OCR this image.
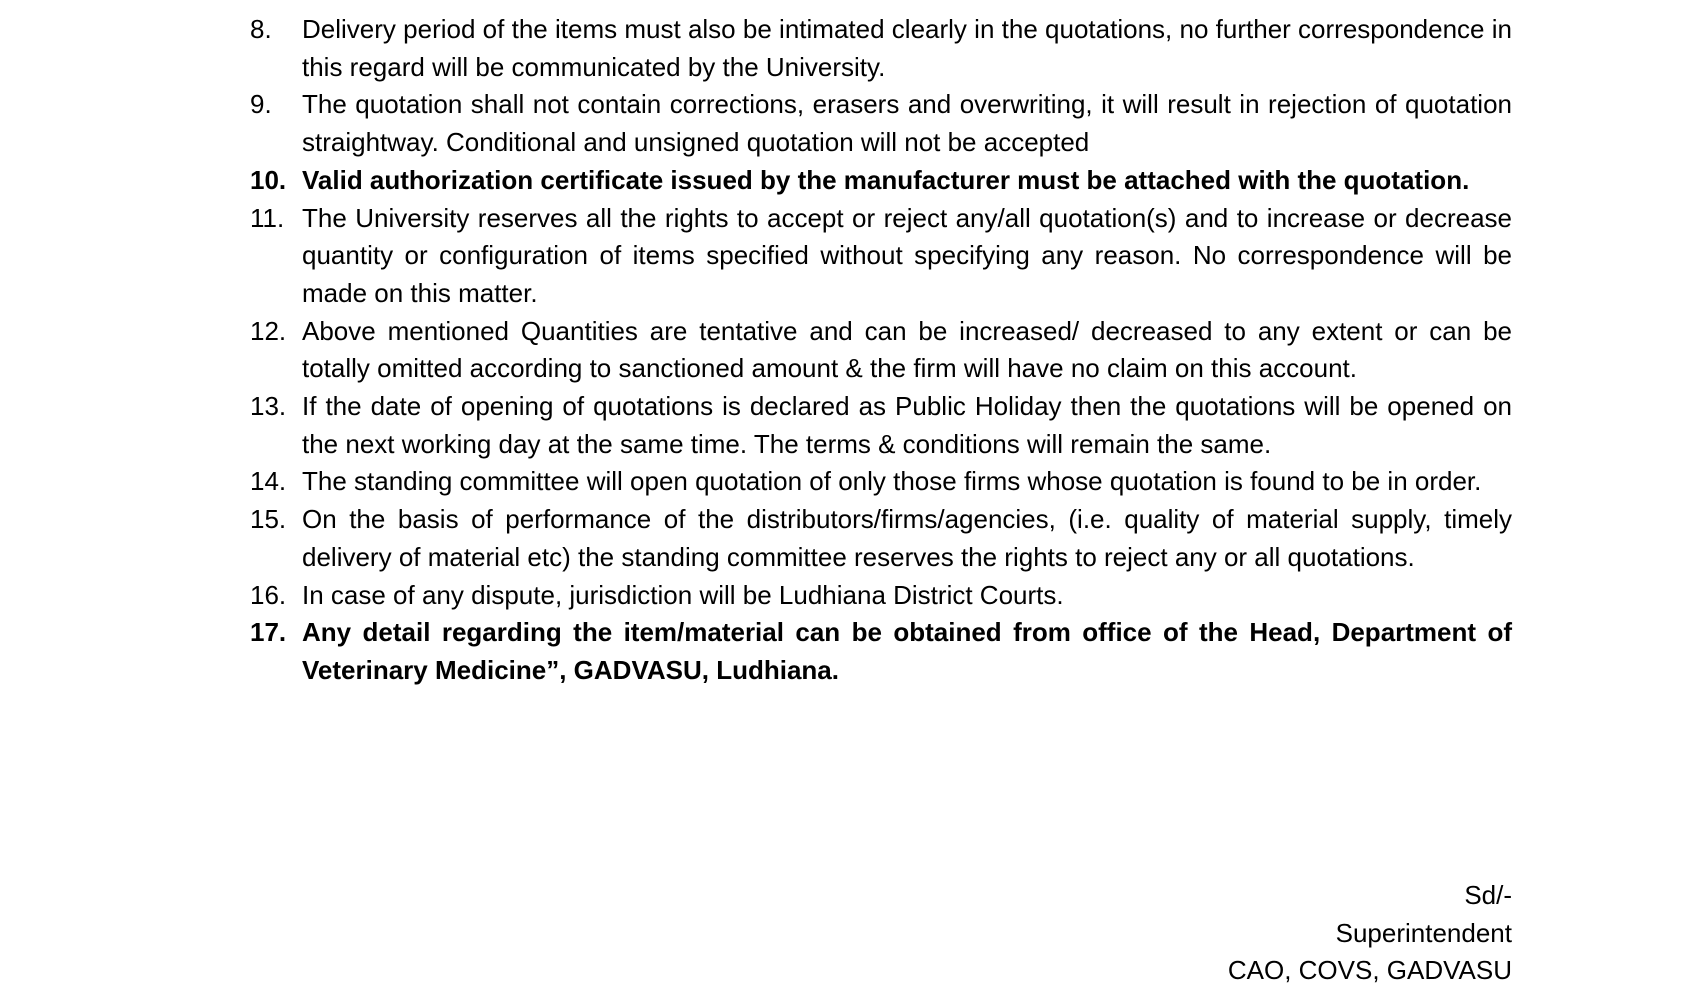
8.	Delivery period of the items must also be intimated clearly in the quotations, no further correspondence in this regard will be communicated by the University.
9.	The quotation shall not contain corrections, erasers and overwriting, it will result in rejection of quotation straightway. Conditional and unsigned quotation will not be accepted
10. Valid authorization certificate issued by the manufacturer must be attached with the quotation.
11. The University reserves all the rights to accept or reject any/all quotation(s) and to increase or decrease quantity or configuration of items specified without specifying any reason. No correspondence will be made on this matter.
12. Above mentioned Quantities are tentative and can be increased/ decreased to any extent or can be totally omitted according to sanctioned amount & the firm will have no claim on this account.
13. If the date of opening of quotations is declared as Public Holiday then the quotations will be opened on the next working day at the same time. The terms & conditions will remain the same.
14. The standing committee will open quotation of only those firms whose quotation is found to be in order.
15. On the basis of performance of the distributors/firms/agencies, (i.e. quality of material supply, timely delivery of material etc) the standing committee reserves the rights to reject any or all quotations.
16. In case of any dispute, jurisdiction will be Ludhiana District Courts.
17. Any detail regarding the item/material can be obtained from office of the Head, Department of Veterinary Medicine”, GADVASU, Ludhiana.
Sd/-
Superintendent
CAO, COVS, GADVASU
